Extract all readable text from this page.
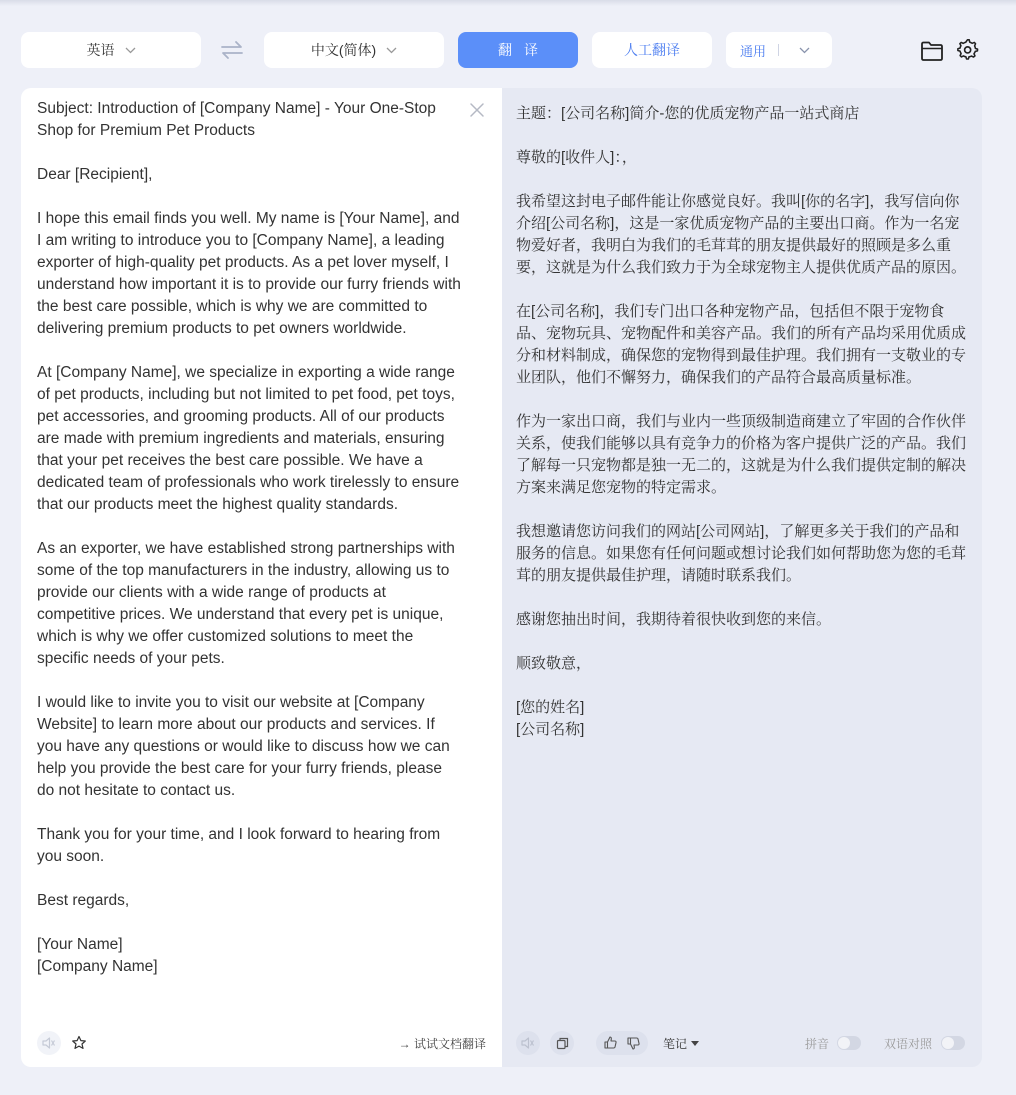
英语	中文(简体)	翻译	人工翻译	通用
Subject: Introduction of [Company Name] - Your One-Stop Shop for Premium Pet Products

Dear [Recipient],

I hope this email finds you well. My name is [Your Name], and I am writing to introduce you to [Company Name], a leading exporter of high-quality pet products. As a pet lover myself, I understand how important it is to provide our furry friends with the best care possible, which is why we are committed to delivering premium products to pet owners worldwide.

At [Company Name], we specialize in exporting a wide range of pet products, including but not limited to pet food, pet toys, pet accessories, and grooming products. All of our products are made with premium ingredients and materials, ensuring that your pet receives the best care possible. We have a dedicated team of professionals who work tirelessly to ensure that our products meet the highest quality standards.

As an exporter, we have established strong partnerships with some of the top manufacturers in the industry, allowing us to provide our clients with a wide range of products at competitive prices. We understand that every pet is unique, which is why we offer customized solutions to meet the specific needs of your pets.

I would like to invite you to visit our website at [Company Website] to learn more about our products and services. If you have any questions or would like to discuss how we can help you provide the best care for your furry friends, please do not hesitate to contact us.

Thank you for your time, and I look forward to hearing from you soon.

Best regards,

[Your Name]
[Company Name]
→ 试试文档翻译
主题：[公司名称]简介-您的优质宠物产品一站式商店

尊敬的[收件人]：，

我希望这封电子邮件能让你感觉良好。我叫[你的名字]，我写信向你介绍[公司名称]，这是一家优质宠物产品的主要出口商。作为一名宠物爱好者，我明白为我们的毛茸茸的朋友提供最好的照顾是多么重要，这就是为什么我们致力于为全球宠物主人提供优质产品的原因。

在[公司名称]，我们专门出口各种宠物产品，包括但不限于宠物食品、宠物玩具、宠物配件和美容产品。我们的所有产品均采用优质成分和材料制成，确保您的宠物得到最佳护理。我们拥有一支敬业的专业团队，他们不懈努力，确保我们的产品符合最高质量标准。

作为一家出口商，我们与业内一些顶级制造商建立了牢固的合作伙伴关系，使我们能够以具有竞争力的价格为客户提供广泛的产品。我们了解每一只宠物都是独一无二的，这就是为什么我们提供定制的解决方案来满足您宠物的特定需求。

我想邀请您访问我们的网站[公司网站]，了解更多关于我们的产品和服务的信息。如果您有任何问题或想讨论我们如何帮助您为您的毛茸茸的朋友提供最佳护理，请随时联系我们。

感谢您抽出时间，我期待着很快收到您的来信。

顺致敬意，

[您的姓名]
[公司名称]
笔记	拼音	双语对照
